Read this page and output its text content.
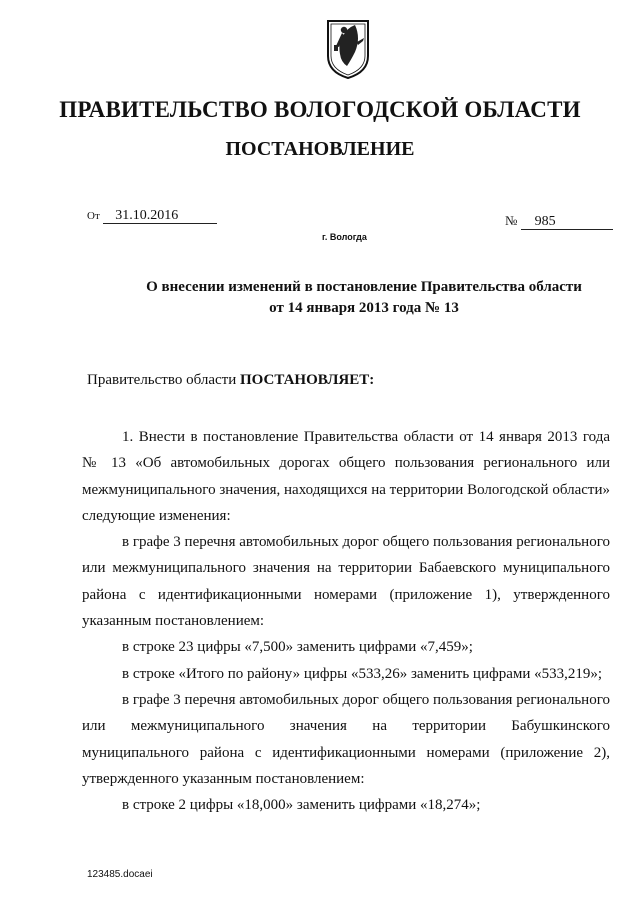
ПРАВИТЕЛЬСТВО ВОЛОГОДСКОЙ ОБЛАСТИ
ПОСТАНОВЛЕНИЕ
От 31.10.2016	№ 985
г. Вологда
О внесении изменений в постановление Правительства области
от 14 января 2013 года № 13

Правительство области ПОСТАНОВЛЯЕТ:

1. Внести в постановление Правительства области от 14 января 2013 года № 13 «Об автомобильных дорогах общего пользования регионального или межмуниципального значения, находящихся на территории Вологодской области» следующие изменения:

в графе 3 перечня автомобильных дорог общего пользования регионального или межмуниципального значения на территории Бабаевского муниципального района с идентификационными номерами (приложение 1), утвержденного указанным постановлением:

в строке 23 цифры «7,500» заменить цифрами «7,459»;

в строке «Итого по району» цифры «533,26» заменить цифрами «533,219»;

в графе 3 перечня автомобильных дорог общего пользования регионального или межмуниципального значения на территории Бабушкинского муниципального района с идентификационными номерами (приложение 2), утвержденного указанным постановлением:

в строке 2 цифры «18,000» заменить цифрами «18,274»;

123485.docaei
